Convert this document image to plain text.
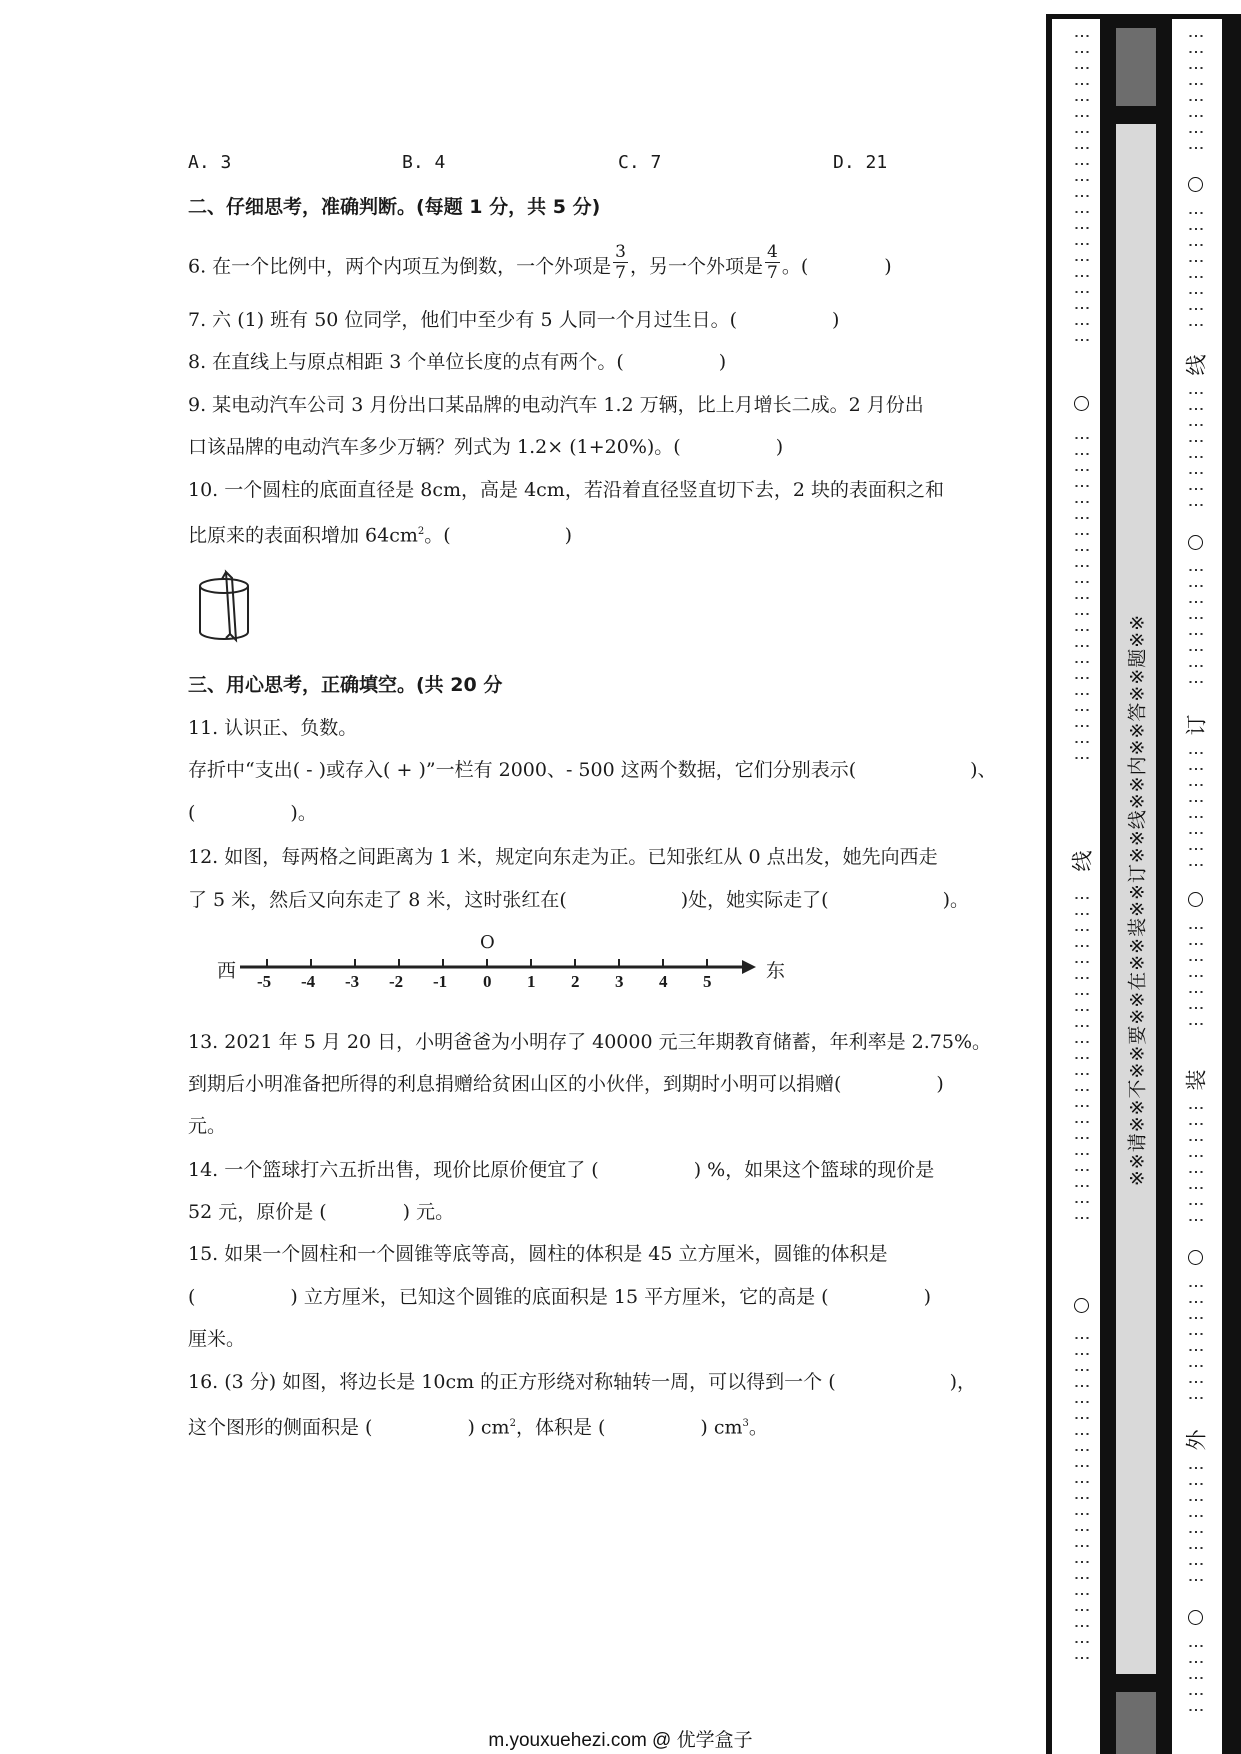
A. 3	B. 4	C. 7	D. 21
二、仔细思考，准确判断。(每题 1 分，共 5 分)
6. 在一个比例中，两个内项互为倒数，一个外项是 $\frac{3}{7}$ ，另一个外项是 $\frac{4}{7}$ 。(　　　　)
7. 六 (1) 班有 50 位同学，他们中至少有 5 人同一个月过生日。(　　　　　)
8. 在直线上与原点相距 3 个单位长度的点有两个。(　　　　　)
9. 某电动汽车公司 3 月份出口某品牌的电动汽车 1.2 万辆，比上月增长二成。2 月份出
口该品牌的电动汽车多少万辆？列式为 1.2× (1+20%)。(　　　　　)
10. 一个圆柱的底面直径是 8cm，高是 4cm，若沿着直径竖直切下去，2 块的表面积之和
比原来的表面积增加 $64cm^2$。(　　　　　　)
三、用心思考，正确填空。(共 20 分
11. 认识正、负数。
存折中“支出( - )或存入( + )”一栏有 2000、- 500 这两个数据，它们分别表示(　　　　　　)、
(　　　　　)。
12. 如图，每两格之间距离为 1 米，规定向东走为正。已知张红从 0 点出发，她先向西走
了 5 米，然后又向东走了 8 米，这时张红在(　　　　　　)处，她实际走了(　　　　　　)。
西	东
O
-5 -4 -3 -2 -1 0 1 2 3 4 5
13. 2021 年 5 月 20 日，小明爸爸为小明存了 40000 元三年期教育储蓄，年利率是 2.75%。
到期后小明准备把所得的利息捐赠给贫困山区的小伙伴，到期时小明可以捐赠(　　　　　)
元。
14. 一个篮球打六五折出售，现价比原价便宜了 (　　　　　) %，如果这个篮球的现价是
52 元，原价是 (　　　　) 元。
15. 如果一个圆柱和一个圆锥等底等高，圆柱的体积是 45 立方厘米，圆锥的体积是
(　　　　　) 立方厘米，已知这个圆锥的底面积是 15 平方厘米，它的高是 (　　　　　)
厘米。
16. (3 分) 如图，将边长是 10cm 的正方形绕对称轴转一周，可以得到一个 (　　　　　　)，
这个图形的侧面积是 (　　　　　) $cm^2$，体积是 (　　　　　) $cm^3$。
※※请※※不※※要※※在※※装※※订※※线※※内※※答※※题※※
⋮⋮⋮⋮⋮⋮⋮⋮⋮⋮⋮⋮⋮⋮⋮⋮⋮⋮⋮⋮
⋮⋮⋮⋮⋮⋮⋮⋮⋮⋮⋮⋮⋮⋮⋮⋮⋮⋮⋮⋮⋮
线
⋮⋮⋮⋮⋮⋮⋮⋮⋮⋮⋮⋮⋮⋮⋮⋮⋮⋮⋮⋮⋮
⋮⋮⋮⋮⋮⋮⋮⋮⋮⋮⋮⋮⋮⋮⋮⋮⋮⋮⋮⋮⋮
⋮⋮⋮⋮⋮⋮⋮⋮
⋮⋮⋮⋮⋮⋮⋮⋮
线
⋮⋮⋮⋮⋮⋮⋮⋮
⋮⋮⋮⋮⋮⋮⋮⋮
订
⋮⋮⋮⋮⋮⋮⋮⋮
⋮⋮⋮⋮⋮⋮⋮
装
⋮⋮⋮⋮⋮⋮⋮⋮
⋮⋮⋮⋮⋮⋮⋮⋮
外
⋮⋮⋮⋮⋮⋮⋮⋮
⋮⋮⋮⋮⋮
m.youxuehezi.com @ 优学盒子
